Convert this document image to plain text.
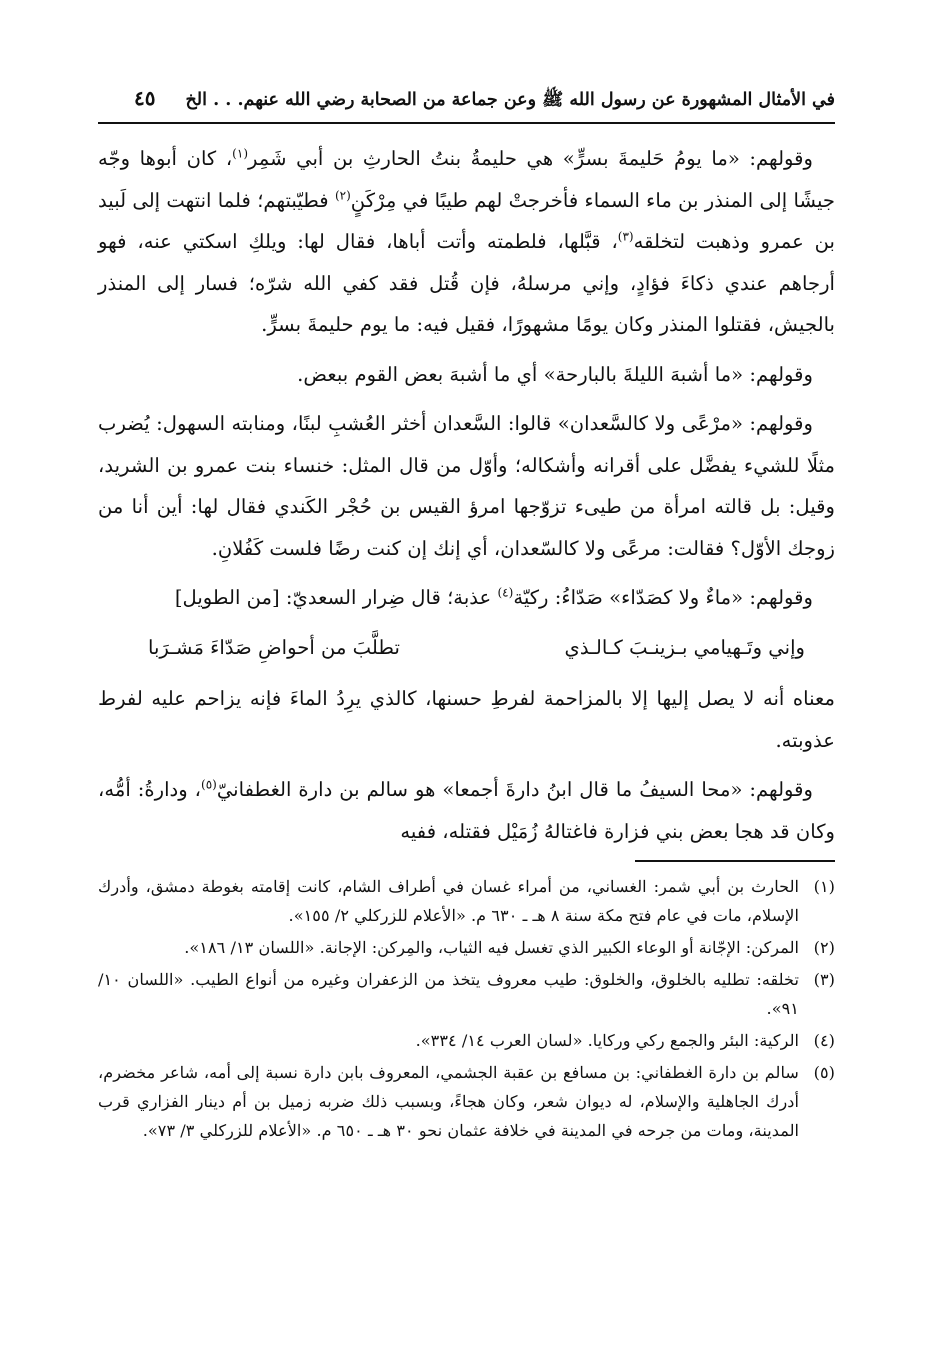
في الأمثال المشهورة عن رسول الله ﷺ وعن جماعة من الصحابة رضي الله عنهم. . . الخ
٤٥

وقولهم: «ما يومُ حَليمةَ بسرٍّ» هي حليمةُ بنتُ الحارثِ بن أبي شَمِر$^{(١)}$، كان أبوها وجّه جيشًا إلى المنذر بن ماء السماء فأخرجتْ لهم طيبًا في مِرْكَنٍ$^{(٢)}$ فطيّبتهم؛ فلما انتهت إلى لَبيد بن عمرو وذهبت لتخلقه$^{(٣)}$، قبَّلها، فلطمته وأتت أباها، فقال لها: ويلكِ اسكتي عنه، فهو أرجاهم عندي ذكاءَ فؤادٍ، وإني مرسلهُ، فإن قُتل فقد كفي الله شرّه؛ فسار إلى المنذر بالجيش، فقتلوا المنذر وكان يومًا مشهورًا، فقيل فيه: ما يوم حليمةَ بسرٍّ.

وقولهم: «ما أشبهَ الليلةَ بالبارحة» أي ما أشبهَ بعض القوم ببعض.

وقولهم: «مرْعًى ولا كالسَّعدان» قالوا: السَّعدان أخثر العُشبِ لبنًا، ومنابته السهول: يُضرب مثلًا للشيء يفضَّل على أقرانه وأشكاله؛ وأوّل من قال المثل: خنساء بنت عمرو بن الشريد، وقيل: بل قالته امرأة من طيىء تزوّجها امرؤ القيس بن حُجْر الكَندي فقال لها: أين أنا من زوجك الأوّل؟ فقالت: مرعًى ولا كالسّعدان، أي إنك إن كنت رضًا فلست كَفُلانِ.

وقولهم: «ماءٌ ولا كصَدّاء» صَدّاءُ: ركيّة$^{(٤)}$ عذبة؛ قال ضِرار السعديّ: [من الطويل]

وإني وتَـهيامي بـزينـبَ كـالـذي
تطلَّبَ من أحواضِ صَدّاءَ مَشـرَبا

معناه أنه لا يصل إليها إلا بالمزاحمة لفرطِ حسنها، كالذي يرِدُ الماءَ فإنه يزاحم عليه لفرط عذوبته.

وقولهم: «محا السيفُ ما قال ابنُ دارةَ أجمعا» هو سالم بن دارة الغطفانيّ$^{(٥)}$، ودارةُ: أمُّه، وكان قد هجا بعض بني فزارة فاغتالهُ زُمَيْل فقتله، ففيه

(١)
الحارث بن أبي شمر: الغساني، من أمراء غسان في أطراف الشام، كانت إقامته بغوطة دمشق، وأدرك الإسلام، مات في عام فتح مكة سنة ٨ هـ ـ ٦٣٠ م. «الأعلام للزركلي ٢/ ١٥٥».
(٢)
المركن: الإجّانة أو الوعاء الكبير الذي تغسل فيه الثياب، والمِركن: الإجانة. «اللسان ١٣/ ١٨٦».
(٣)
تخلقه: تطليه بالخلوق، والخلوق: طيب معروف يتخذ من الزعفران وغيره من أنواع الطيب. «اللسان ١٠/ ٩١».
(٤)
الركية: البئر والجمع ركي وركايا. «لسان العرب ١٤/ ٣٣٤».
(٥)
سالم بن دارة الغطفاني: بن مسافع بن عقبة الجشمي، المعروف بابن دارة نسبة إلى أمه، شاعر مخضرم، أدرك الجاهلية والإسلام، له ديوان شعر، وكان هجاءً، وبسبب ذلك ضربه زميل بن أم دينار الفزاري قرب المدينة، ومات من جرحه في المدينة في خلافة عثمان نحو ٣٠ هـ ـ ٦٥٠ م. «الأعلام للزركلي ٣/ ٧٣».
